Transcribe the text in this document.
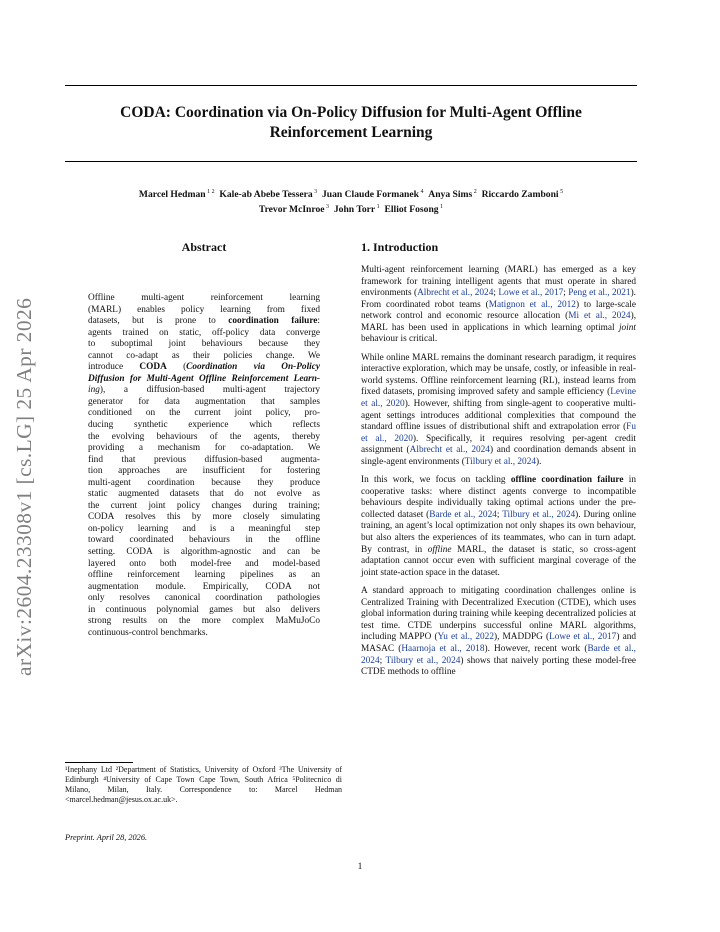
arXiv:2604.23308v1 [cs.LG] 25 Apr 2026
CODA: Coordination via On-Policy Diffusion for Multi-Agent Offline
Reinforcement Learning
Marcel Hedman $^{1 2}$  Kale-ab Abebe Tessera $^3$  Juan Claude Formanek $^4$  Anya Sims $^2$  Riccardo Zamboni $^5$
Trevor McInroe $^3$  John Torr $^1$  Elliot Fosong $^1$
Abstract
Offline multi-agent reinforcement learning
(MARL) enables policy learning from fixed
datasets, but is prone to coordination failure:
agents trained on static, off-policy data converge
to suboptimal joint behaviours because they
cannot co-adapt as their policies change. We
introduce CODA (Coordination via On-Policy
Diffusion for Multi-Agent Offline Reinforcement Learn-
ing), a diffusion-based multi-agent trajectory
generator for data augmentation that samples
conditioned on the current joint policy, pro-
ducing synthetic experience which reflects
the evolving behaviours of the agents, thereby
providing a mechanism for co-adaptation. We
find that previous diffusion-based augmenta-
tion approaches are insufficient for fostering
multi-agent coordination because they produce
static augmented datasets that do not evolve as
the current joint policy changes during training;
CODA resolves this by more closely simulating
on-policy learning and is a meaningful step
toward coordinated behaviours in the offline
setting. CODA is algorithm-agnostic and can be
layered onto both model-free and model-based
offline reinforcement learning pipelines as an
augmentation module. Empirically, CODA not
only resolves canonical coordination pathologies
in continuous polynomial games but also delivers
strong results on the more complex MaMuJoCo
continuous-control benchmarks.
¹Inephany Ltd ²Department of Statistics, University of Oxford ³The University of Edinburgh ⁴University of Cape Town Cape Town, South Africa ⁵Politecnico di Milano, Milan, Italy. Correspondence to: Marcel Hedman <marcel.hedman@jesus.ox.ac.uk>.
Preprint. April 28, 2026.
1. Introduction

Multi-agent reinforcement learning (MARL) has emerged as a key framework for training intelligent agents that must operate in shared environments (Albrecht et al., 2024; Lowe et al., 2017; Peng et al., 2021). From coordinated robot teams (Matignon et al., 2012) to large-scale network control and economic resource allocation (Mi et al., 2024), MARL has been used in applications in which learning optimal joint behaviour is critical.

While online MARL remains the dominant research paradigm, it requires interactive exploration, which may be unsafe, costly, or infeasible in real-world systems. Offline reinforcement learning (RL), instead learns from fixed datasets, promising improved safety and sample efficiency (Levine et al., 2020). However, shifting from single-agent to cooperative multi-agent settings introduces additional complexities that compound the standard offline issues of distributional shift and extrapolation error (Fu et al., 2020). Specifically, it requires resolving per-agent credit assignment (Albrecht et al., 2024) and coordination demands absent in single-agent environments (Tilbury et al., 2024).

In this work, we focus on tackling offline coordination failure in cooperative tasks: where distinct agents converge to incompatible behaviours despite individually taking optimal actions under the pre-collected dataset (Barde et al., 2024; Tilbury et al., 2024). During online training, an agent’s local optimization not only shapes its own behaviour, but also alters the experiences of its teammates, who can in turn adapt. By contrast, in offline MARL, the dataset is static, so cross-agent adaptation cannot occur even with sufficient marginal coverage of the joint state-action space in the dataset.

A standard approach to mitigating coordination challenges online is Centralized Training with Decentralized Execution (CTDE), which uses global information during training while keeping decentralized policies at test time. CTDE underpins successful online MARL algorithms, including MAPPO (Yu et al., 2022), MADDPG (Lowe et al., 2017) and MASAC (Haarnoja et al., 2018). However, recent work (Barde et al., 2024; Tilbury et al., 2024) shows that naively porting these model-free CTDE methods to offline

1
